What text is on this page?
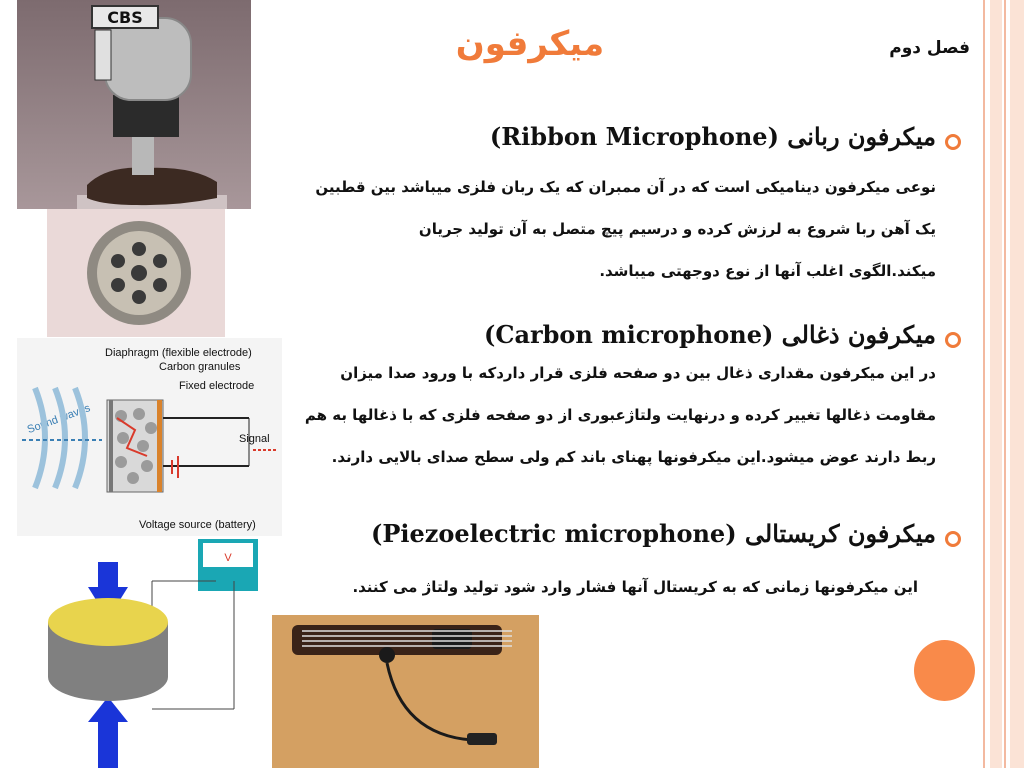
میکرفون	فصل دوم
میکرفون ربانی (Ribbon Microphone)
نوعی میکرفون دیناميکی است که در آن ممبران که یک ربان فلزی ميباشد بين قطبين
یک آهن ربا شروع به لرزش کرده و درسيم پيچ متصل به آن توليد جريان
ميکند.الگوی اغلب آنها از نوع دوجهتی ميباشد.
میکرفون ذغالی (Carbon microphone)
در این ميکرفون مقداری ذغال بين دو صفحه فلزی قرار داردکه با ورود صدا ميزان
مقاومت ذغالها تغيير کرده و درنهايت ولتاژعبوری از دو صفحه فلزی که با ذغالها به هم
ربط دارند عوض ميشود.این ميکرفونها پهنای باند کم ولی سطح صدای بالایی دارند.
میکرفون کریستالی (Piezoelectric microphone)
این ميکرفونها زمانی که به کريستال آنها فشار وارد شود توليد ولتاژ می کنند.
CBS
Diaphragm (flexible electrode)
Carbon granules
Fixed electrode
Sound waves
Signal
Voltage source (battery)
V
